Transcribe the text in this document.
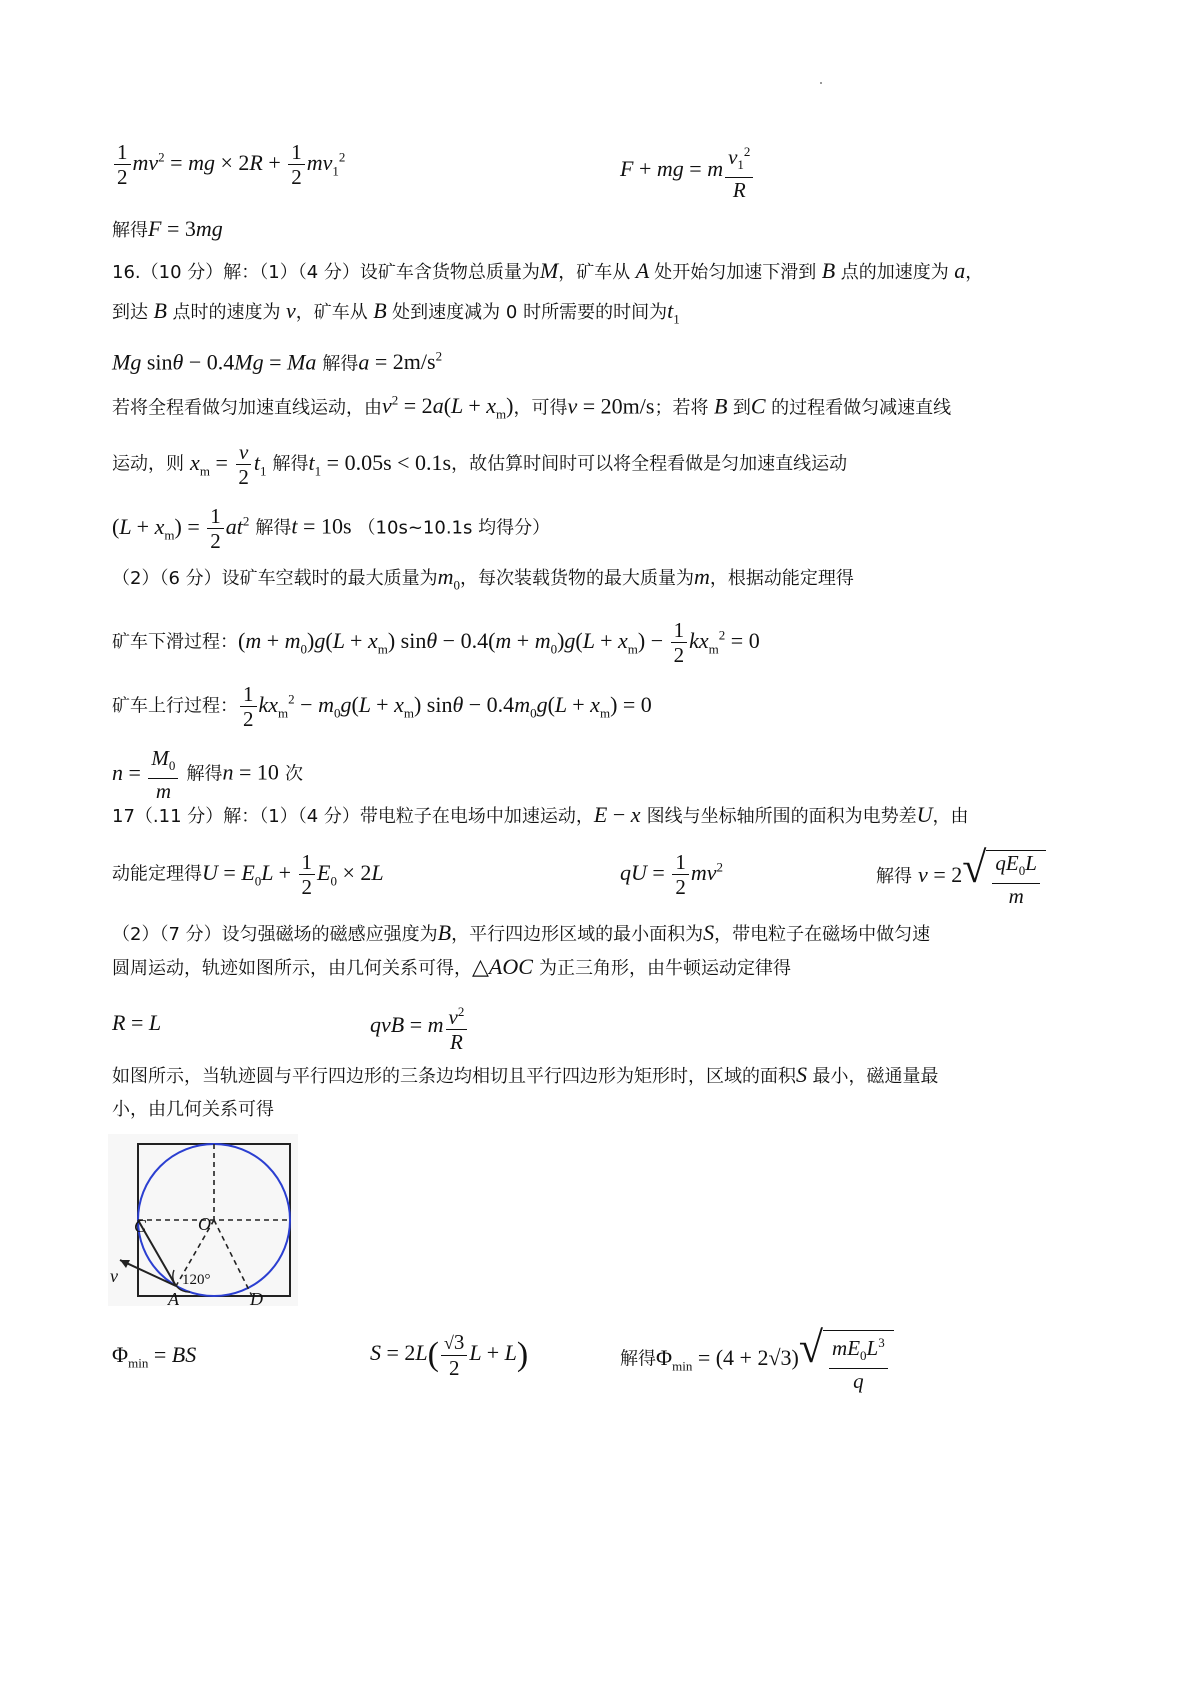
$\frac{1}{2} mv^2$ = mg × $2R + \frac{1}{2} mv_1^2$	F + mg = m $\frac{v_1^2}{R}$
解得F = 3mg
16.（10 分）解：（1）（4 分）设矿车含货物总质量为M，矿车从 A 处开始匀加速下滑到 B 点的加速度为 a，
到达 B 点时的速度为 v，矿车从 B 处到速度减为 0 时所需要的时间为$t_1$
Mg sinθ − 0.4Mg = Ma 解得$a = 2m/s^2$
若将全程看做匀加速直线运动，由$v^2 = 2a(L + x_m)$，可得v = 20m/s；若将 B 到C 的过程看做匀减速直线
运动，则 $x_m = \frac{v}{2} t_1$ 解得$t_1 = 0.05s < 0.1s$，故估算时间时可以将全程看做是匀加速直线运动
$(L + x_m) = \frac{1}{2} at^2$ 解得t = 10s （10s~10.1s 均得分）
（2）（6 分）设矿车空载时的最大质量为$m_0$，每次装载货物的最大质量为m，根据动能定理得
矿车下滑过程：$(m + m_0)g(L + x_m)$ $\sin\theta - 0.4(m + m_0)g(L + x_m) - \frac{1}{2} kx_m^2 = 0$
矿车上行过程： $\frac{1}{2} kx_m^2 - m_0g(L + x_m) \sin\theta - 0.4m_0g(L + x_m) = 0$
$n = \frac{M_0}{m}$ 解得n = 10 次
17（.11 分）解：（1）（4 分）带电粒子在电场中加速运动，E − x 图线与坐标轴所围的面积为电势差U，由
动能定理得$U = E_0L + \frac{1}{2} E_0 \times 2L$	qU = $\frac{1}{2} mv^2$	解得 v = 2 √ $\frac{qE_0L}{m}$
（2）（7 分）设匀强磁场的磁感应强度为B，平行四边形区域的最小面积为S，带电粒子在磁场中做匀速
圆周运动，轨迹如图所示，由几何关系可得，△AOC 为正三角形，由牛顿运动定律得
R = L	qvB = m $\frac{v^2}{R}$
如图所示，当轨迹圆与平行四边形的三条边均相切且平行四边形为矩形时，区域的面积S 最小，磁通量最
小，由几何关系可得
C	O
v	120°
A	D
$\Phi_{min}$ = BS	$S = 2L( \frac{√3}{2}$ L + L)	解得$\Phi_{min} = (4 + 2√3)$ √ $\frac{mE_0L^3}{q}$
